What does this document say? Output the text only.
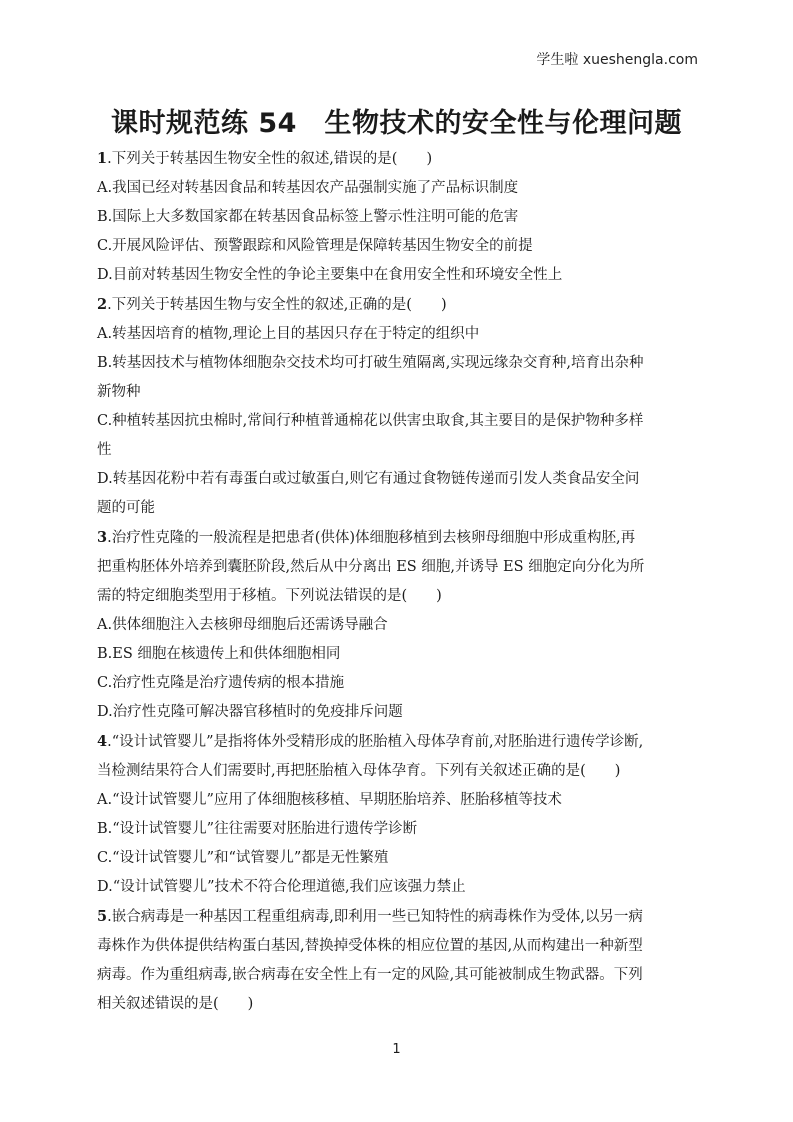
学生啦 xueshengla.com
课时规范练 54　生物技术的安全性与伦理问题
1.下列关于转基因生物安全性的叙述,错误的是(　　)
A.我国已经对转基因食品和转基因农产品强制实施了产品标识制度
B.国际上大多数国家都在转基因食品标签上警示性注明可能的危害
C.开展风险评估、预警跟踪和风险管理是保障转基因生物安全的前提
D.目前对转基因生物安全性的争论主要集中在食用安全性和环境安全性上
2.下列关于转基因生物与安全性的叙述,正确的是(　　)
A.转基因培育的植物,理论上目的基因只存在于特定的组织中
B.转基因技术与植物体细胞杂交技术均可打破生殖隔离,实现远缘杂交育种,培育出杂种
新物种
C.种植转基因抗虫棉时,常间行种植普通棉花以供害虫取食,其主要目的是保护物种多样
性
D.转基因花粉中若有毒蛋白或过敏蛋白,则它有通过食物链传递而引发人类食品安全问
题的可能
3.治疗性克隆的一般流程是把患者(供体)体细胞移植到去核卵母细胞中形成重构胚,再
把重构胚体外培养到囊胚阶段,然后从中分离出 ES 细胞,并诱导 ES 细胞定向分化为所
需的特定细胞类型用于移植。下列说法错误的是(　　)
A.供体细胞注入去核卵母细胞后还需诱导融合
B.ES 细胞在核遗传上和供体细胞相同
C.治疗性克隆是治疗遗传病的根本措施
D.治疗性克隆可解决器官移植时的免疫排斥问题
4.“设计试管婴儿”是指将体外受精形成的胚胎植入母体孕育前,对胚胎进行遗传学诊断,
当检测结果符合人们需要时,再把胚胎植入母体孕育。下列有关叙述正确的是(　　)
A.“设计试管婴儿”应用了体细胞核移植、早期胚胎培养、胚胎移植等技术
B.“设计试管婴儿”往往需要对胚胎进行遗传学诊断
C.“设计试管婴儿”和“试管婴儿”都是无性繁殖
D.“设计试管婴儿”技术不符合伦理道德,我们应该强力禁止
5.嵌合病毒是一种基因工程重组病毒,即利用一些已知特性的病毒株作为受体,以另一病
毒株作为供体提供结构蛋白基因,替换掉受体株的相应位置的基因,从而构建出一种新型
病毒。作为重组病毒,嵌合病毒在安全性上有一定的风险,其可能被制成生物武器。下列
相关叙述错误的是(　　)
1
